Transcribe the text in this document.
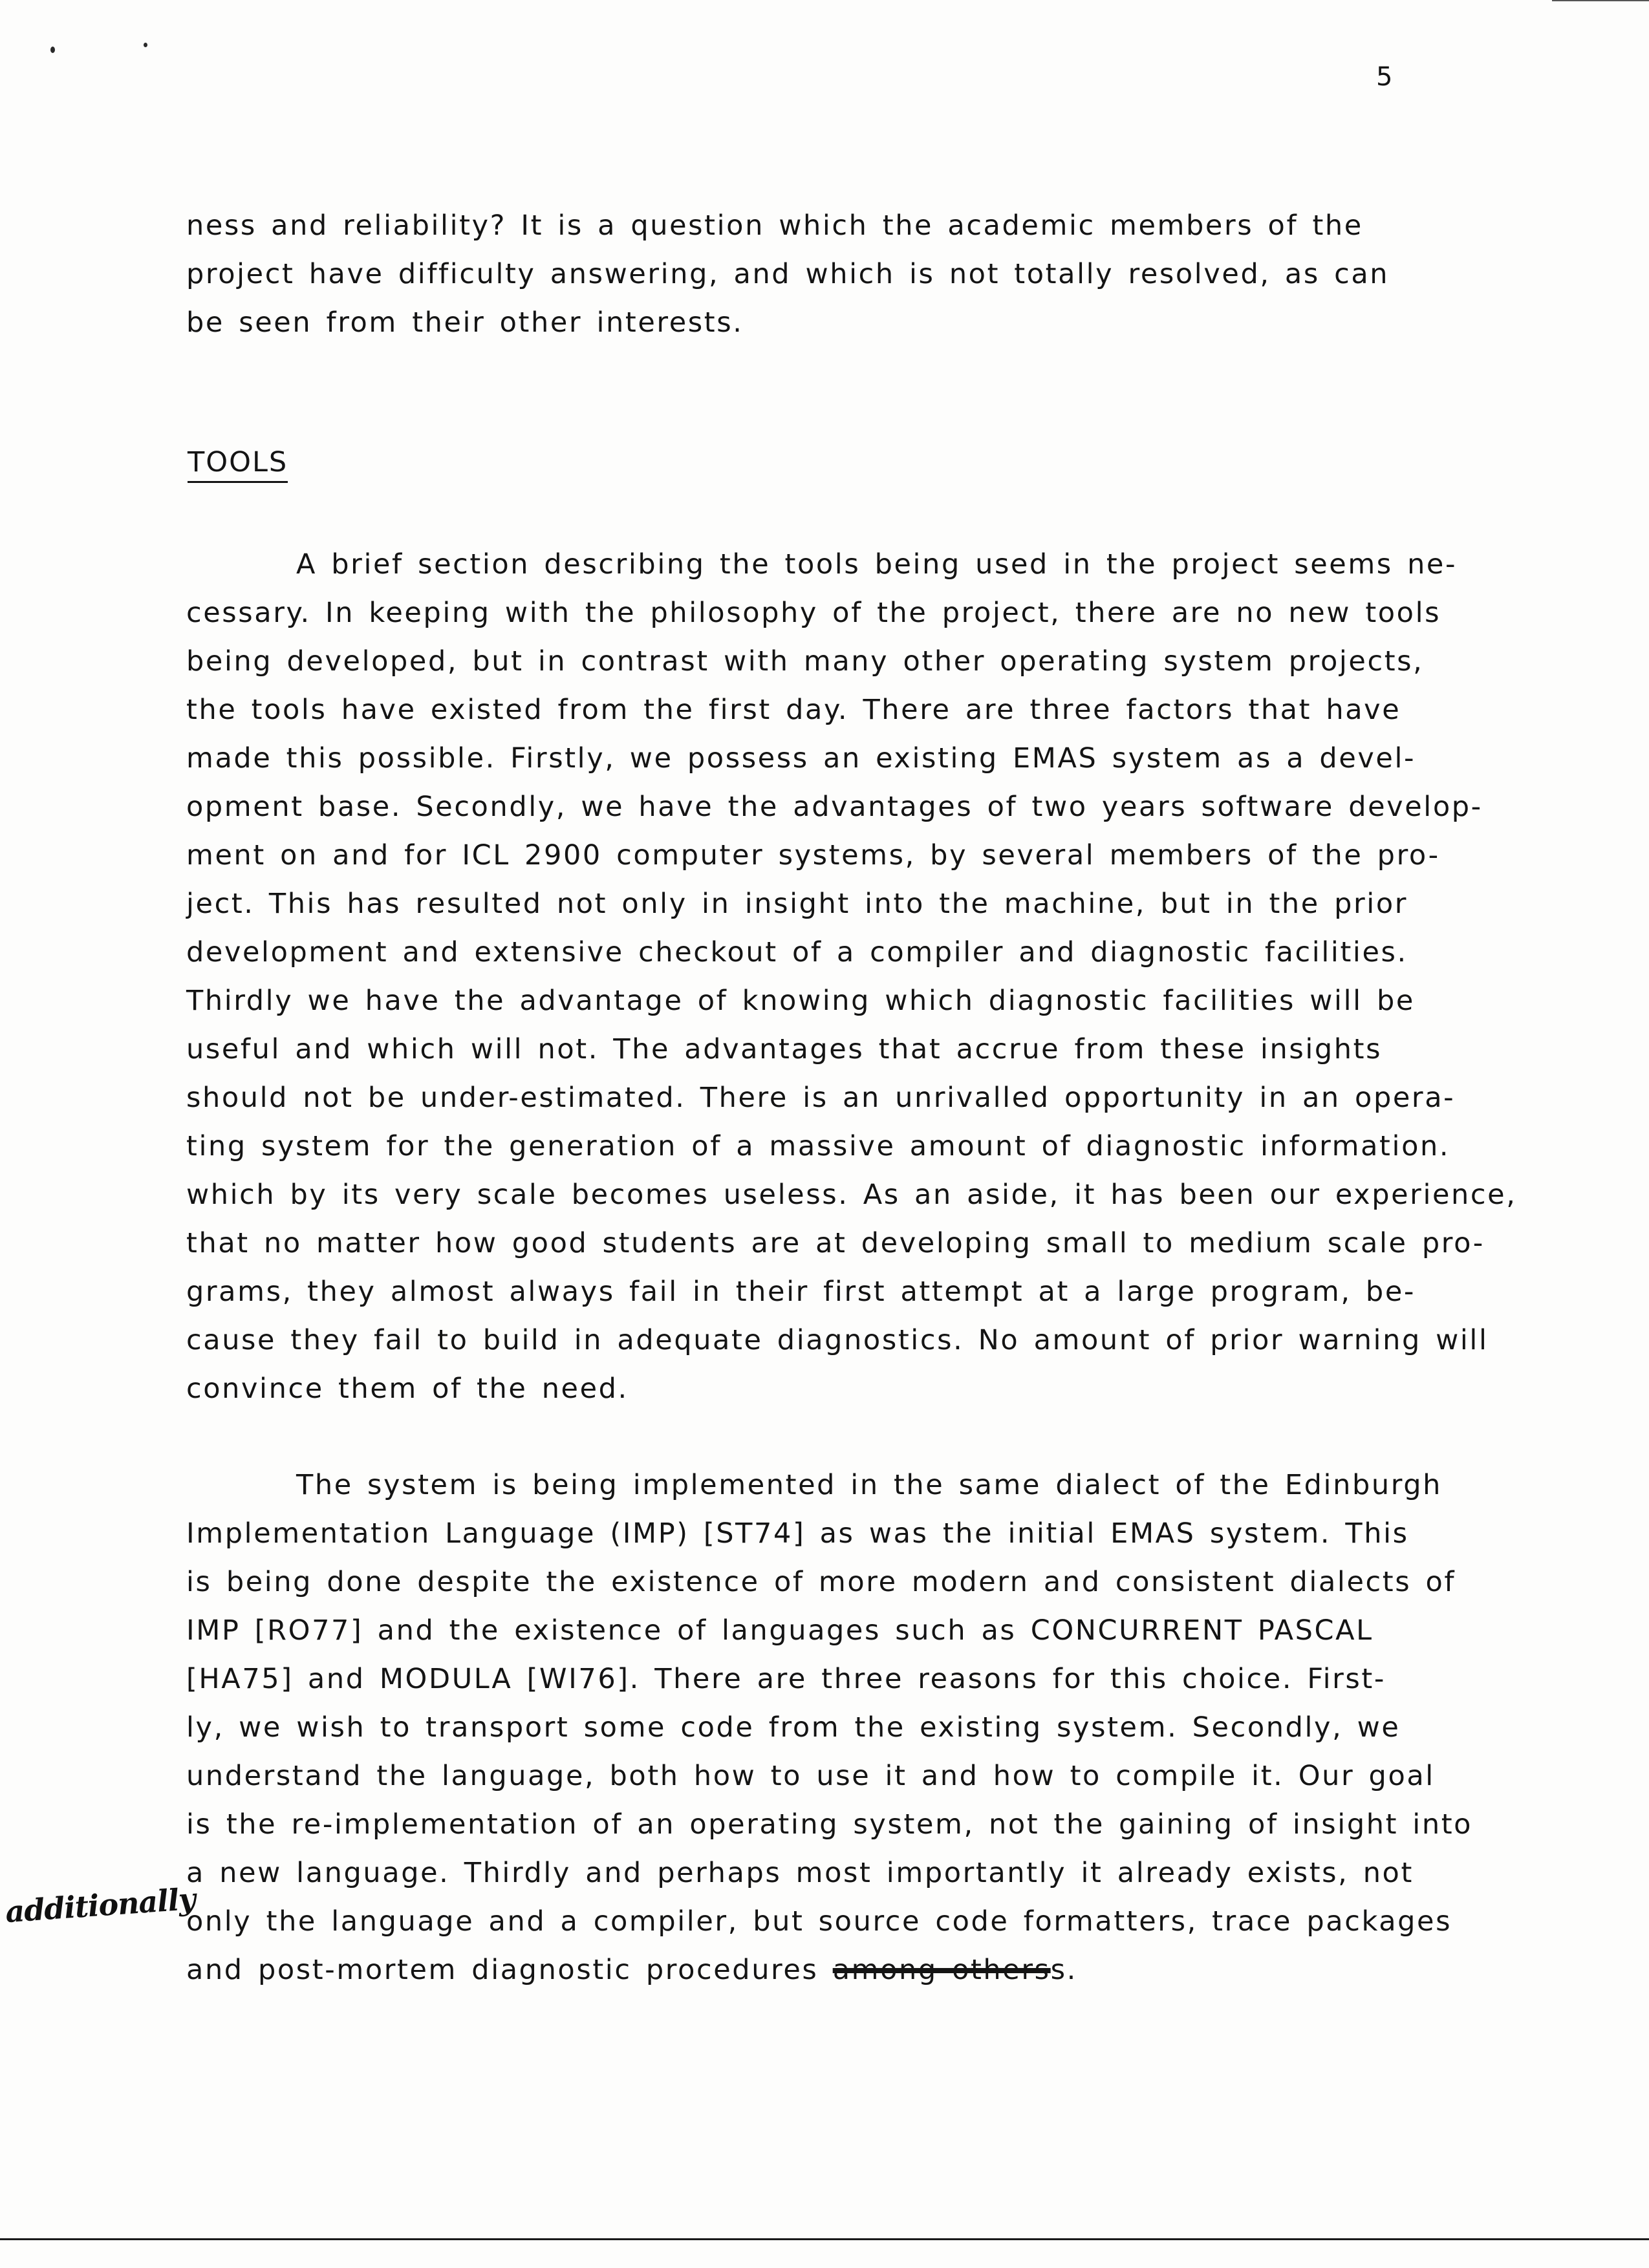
5
ness and reliability? It is a question which the academic members of the
project have difficulty answering, and which is not totally resolved, as can
be seen from their other interests.
TOOLS
A brief section describing the tools being used in the project seems ne-
cessary. In keeping with the philosophy of the project, there are no new tools
being developed, but in contrast with many other operating system projects,
the tools have existed from the first day. There are three factors that have
made this possible. Firstly, we possess an existing EMAS system as a devel-
opment base. Secondly, we have the advantages of two years software develop-
ment on and for ICL 2900 computer systems, by several members of the pro-
ject. This has resulted not only in insight into the machine, but in the prior
development and extensive checkout of a compiler and diagnostic facilities.
Thirdly we have the advantage of knowing which diagnostic facilities will be
useful and which will not. The advantages that accrue from these insights
should not be under-estimated. There is an unrivalled opportunity in an opera-
ting system for the generation of a massive amount of diagnostic information.
which by its very scale becomes useless. As an aside, it has been our experience,
that no matter how good students are at developing small to medium scale pro-
grams, they almost always fail in their first attempt at a large program, be-
cause they fail to build in adequate diagnostics. No amount of prior warning will
convince them of the need.
The system is being implemented in the same dialect of the Edinburgh
Implementation Language (IMP) [ST74] as was the initial EMAS system. This
is being done despite the existence of more modern and consistent dialects of
IMP [RO77] and the existence of languages such as CONCURRENT PASCAL
[HA75] and MODULA [WI76]. There are three reasons for this choice. First-
ly, we wish to transport some code from the existing system. Secondly, we
understand the language, both how to use it and how to compile it. Our goal
is the re-implementation of an operating system, not the gaining of insight into
a new language. Thirdly and perhaps most importantly it already exists, not
only the language and a compiler, but source code formatters, trace packages
and post-mortem diagnostic procedures among otherss.
additionally
